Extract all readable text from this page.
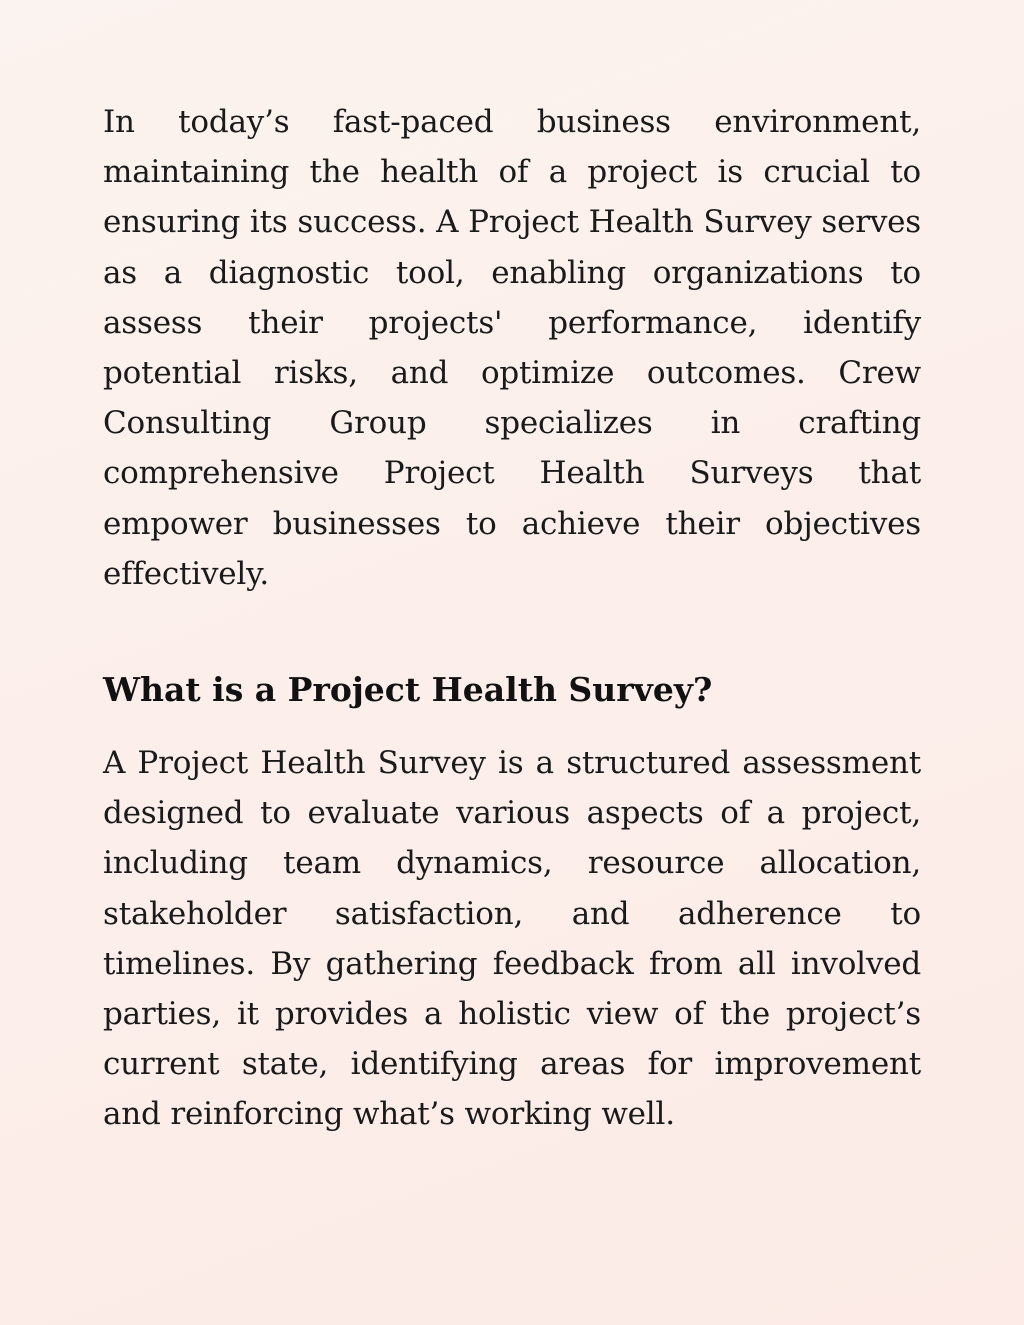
In today’s fast-paced business environment, maintaining the health of a project is crucial to ensuring its success. A Project Health Survey serves as a diagnostic tool, enabling organizations to assess their projects' performance, identify potential risks, and optimize outcomes. Crew Consulting Group specializes in crafting comprehensive Project Health Surveys that empower businesses to achieve their objectives effectively.

What is a Project Health Survey?

A Project Health Survey is a structured assessment designed to evaluate various aspects of a project, including team dynamics, resource allocation, stakeholder satisfaction, and adherence to timelines. By gathering feedback from all involved parties, it provides a holistic view of the project’s current state, identifying areas for improvement and reinforcing what’s working well.
